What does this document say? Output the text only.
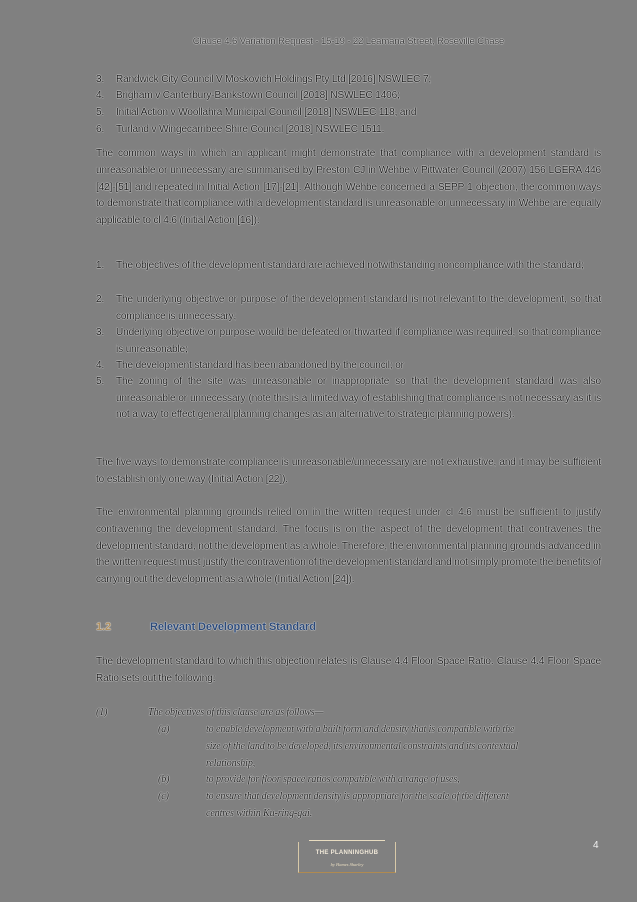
Clause 4.6 Variation Request - 15-19 - 22 Leamana Street, Roseville Chase
3. Randwick City Council V Moskovich Holdings Pty Ltd [2016] NSWLEC 7;
4. Brigham v Canterbury-Bankstown Council [2018] NSWLEC 1406;
5. Initial Action v Woollahra Municipal Council [2018] NSWLEC 118; and
6. Turland v Wingecarribee Shire Council [2018] NSWLEC 1511.

The common ways in which an applicant might demonstrate that compliance with a development standard is unreasonable or unnecessary are summarised by Preston CJ in Wehbe v Pittwater Council (2007) 156 LGERA 446 [42]-[51] and repeated in Initial Action [17]-[21]. Although Wehbe concerned a SEPP 1 objection, the common ways to demonstrate that compliance with a development standard is unreasonable or unnecessary in Wehbe are equally applicable to cl 4.6 (Initial Action [16]):

1. The objectives of the development standard are achieved notwithstanding noncompliance with the standard;
2. The underlying objective or purpose of the development standard is not relevant to the development, so that compliance is unnecessary;
3. Underlying objective or purpose would be defeated or thwarted if compliance was required, so that compliance is unreasonable;
4. The development standard has been abandoned by the council; or
5. The zoning of the site was unreasonable or inappropriate so that the development standard was also unreasonable or unnecessary (note this is a limited way of establishing that compliance is not necessary as it is not a way to effect general planning changes as an alternative to strategic planning powers).

The five ways to demonstrate compliance is unreasonable/unnecessary are not exhaustive, and it may be sufficient to establish only one way (Initial Action [22]).

The environmental planning grounds relied on in the written request under cl 4.6 must be sufficient to justify contravening the development standard. The focus is on the aspect of the development that contravenes the development standard, not the development as a whole. Therefore, the environmental planning grounds advanced in the written request must justify the contravention of the development standard and not simply promote the benefits of carrying out the development as a whole (Initial Action [24]).

1.2	Relevant Development Standard

The development standard to which this objection relates is Clause 4.4 Floor Space Ratio. Clause 4.4 Floor Space Ratio sets out the following:

(1)	The objectives of this clause are as follows—
(a)	to enable development with a built form and density that is compatible with the
size of the land to be developed, its environmental constraints and its contextual
relationship,
(b)	to provide for floor space ratios compatible with a range of uses,
(c)	to ensure that development density is appropriate for the scale of the different
centres within Ku-ring-gai.
THE PLANNINGHUB
by Hames Sharley
4
